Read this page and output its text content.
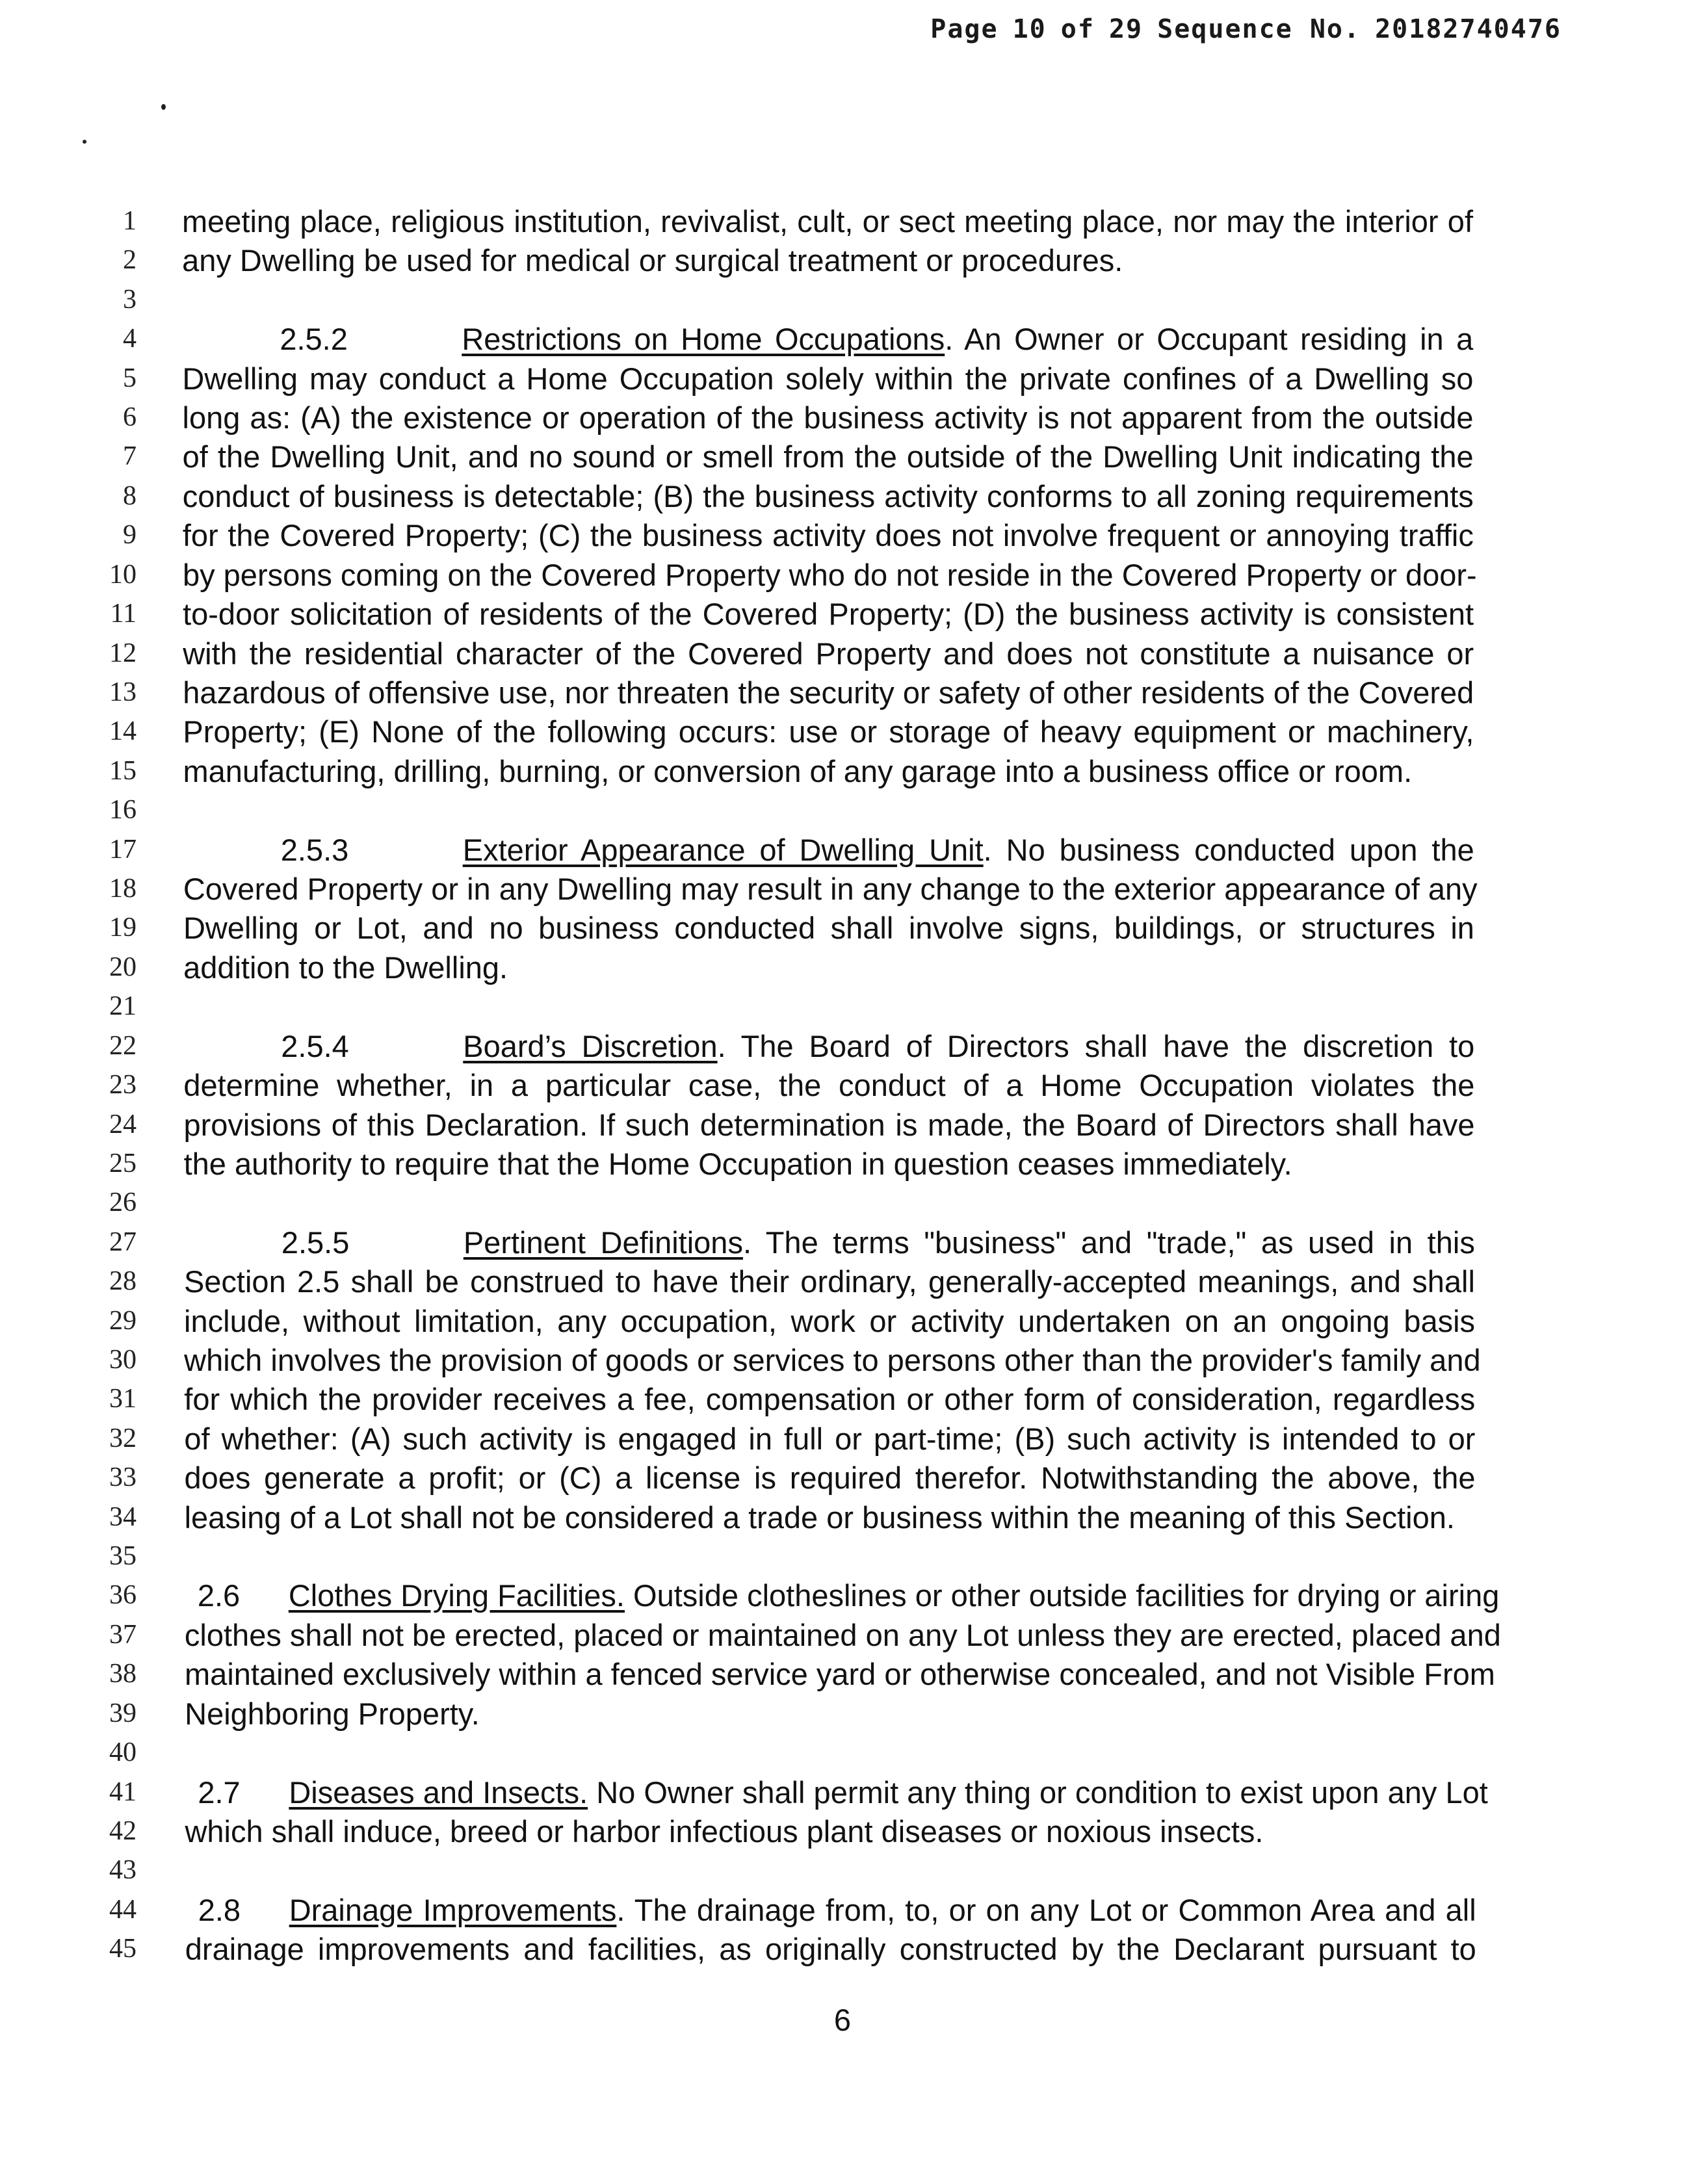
Page 10 of 29 Sequence No. 20182740476
1 meeting place, religious institution, revivalist, cult, or sect meeting place, nor may the interior of
2 any Dwelling be used for medical or surgical treatment or procedures.
3
4	2.5.2	Restrictions on Home Occupations. An Owner or Occupant residing in a
5 Dwelling may conduct a Home Occupation solely within the private confines of a Dwelling so
6 long as: (A) the existence or operation of the business activity is not apparent from the outside
7 of the Dwelling Unit, and no sound or smell from the outside of the Dwelling Unit indicating the
8 conduct of business is detectable; (B) the business activity conforms to all zoning requirements
9 for the Covered Property; (C) the business activity does not involve frequent or annoying traffic
10 by persons coming on the Covered Property who do not reside in the Covered Property or door-
11 to-door solicitation of residents of the Covered Property; (D) the business activity is consistent
12 with the residential character of the Covered Property and does not constitute a nuisance or
13 hazardous of offensive use, nor threaten the security or safety of other residents of the Covered
14 Property; (E) None of the following occurs: use or storage of heavy equipment or machinery,
15 manufacturing, drilling, burning, or conversion of any garage into a business office or room.
16
17	2.5.3	Exterior Appearance of Dwelling Unit. No business conducted upon the
18 Covered Property or in any Dwelling may result in any change to the exterior appearance of any
19 Dwelling or Lot, and no business conducted shall involve signs, buildings, or structures in
20 addition to the Dwelling.
21
22	2.5.4	Board’s Discretion. The Board of Directors shall have the discretion to
23 determine whether, in a particular case, the conduct of a Home Occupation violates the
24 provisions of this Declaration. If such determination is made, the Board of Directors shall have
25 the authority to require that the Home Occupation in question ceases immediately.
26
27	2.5.5	Pertinent Definitions. The terms "business" and "trade," as used in this
28 Section 2.5 shall be construed to have their ordinary, generally-accepted meanings, and shall
29 include, without limitation, any occupation, work or activity undertaken on an ongoing basis
30 which involves the provision of goods or services to persons other than the provider's family and
31 for which the provider receives a fee, compensation or other form of consideration, regardless
32 of whether: (A) such activity is engaged in full or part-time; (B) such activity is intended to or
33 does generate a profit; or (C) a license is required therefor. Notwithstanding the above, the
34 leasing of a Lot shall not be considered a trade or business within the meaning of this Section.
35
36	2.6 Clothes Drying Facilities. Outside clotheslines or other outside facilities for drying or airing
37 clothes shall not be erected, placed or maintained on any Lot unless they are erected, placed and
38 maintained exclusively within a fenced service yard or otherwise concealed, and not Visible From
39 Neighboring Property.
40
41	2.7 Diseases and Insects. No Owner shall permit any thing or condition to exist upon any Lot
42 which shall induce, breed or harbor infectious plant diseases or noxious insects.
43
44	2.8 Drainage Improvements. The drainage from, to, or on any Lot or Common Area and all
45 drainage improvements and facilities, as originally constructed by the Declarant pursuant to
6
